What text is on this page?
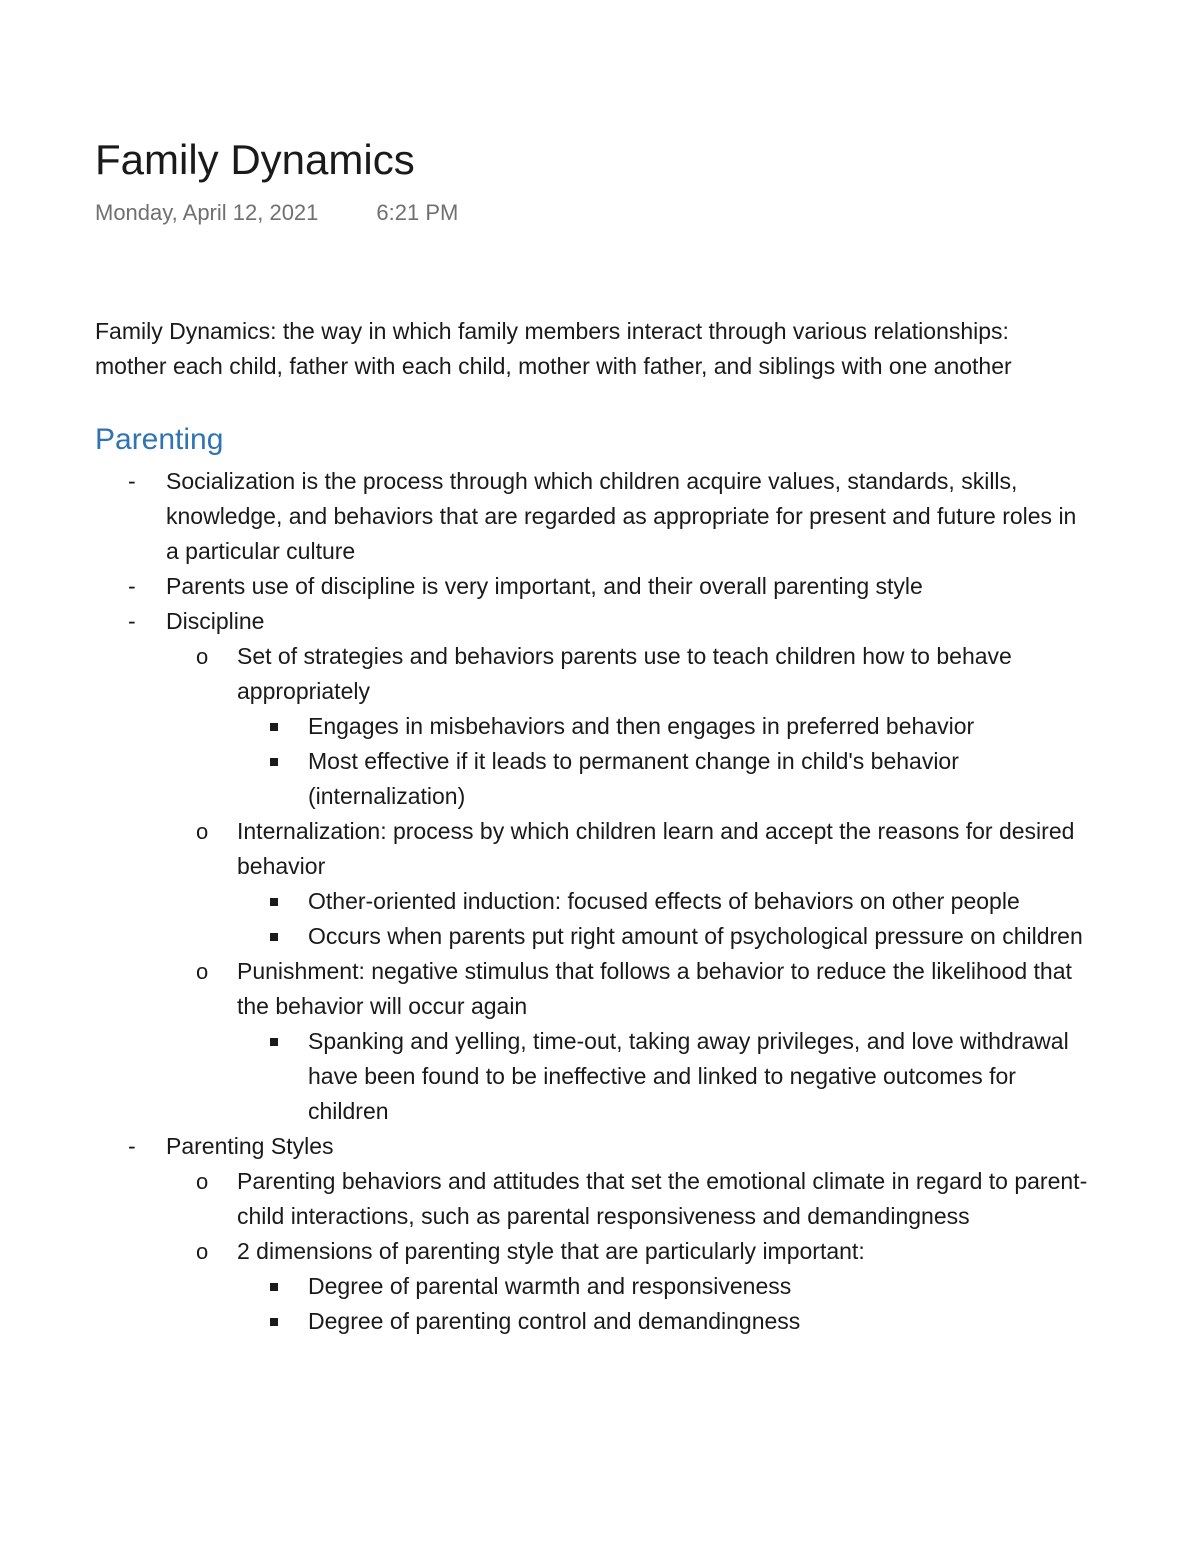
Family Dynamics
Monday, April 12, 2021	6:21 PM
Family Dynamics: the way in which family members interact through various relationships: mother each child, father with each child, mother with father, and siblings with one another
Parenting
- Socialization is the process through which children acquire values, standards, skills, knowledge, and behaviors that are regarded as appropriate for present and future roles in a particular culture
- Parents use of discipline is very important, and their overall parenting style
- Discipline
o Set of strategies and behaviors parents use to teach children how to behave appropriately
Engages in misbehaviors and then engages in preferred behavior
Most effective if it leads to permanent change in child's behavior (internalization)
o Internalization: process by which children learn and accept the reasons for desired behavior
Other-oriented induction: focused effects of behaviors on other people
Occurs when parents put right amount of psychological pressure on children
o Punishment: negative stimulus that follows a behavior to reduce the likelihood that the behavior will occur again
Spanking and yelling, time-out, taking away privileges, and love withdrawal have been found to be ineffective and linked to negative outcomes for children
- Parenting Styles
o Parenting behaviors and attitudes that set the emotional climate in regard to parent-child interactions, such as parental responsiveness and demandingness
o 2 dimensions of parenting style that are particularly important:
Degree of parental warmth and responsiveness
Degree of parenting control and demandingness
